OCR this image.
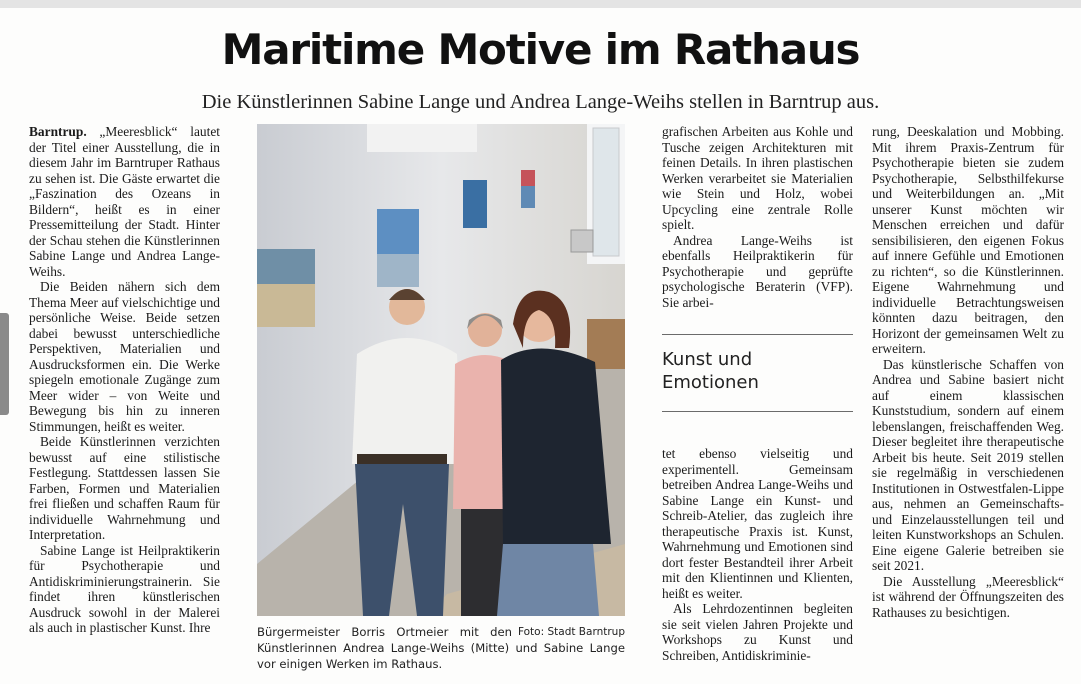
Maritime Motive im Rathaus
Die Künstlerinnen Sabine Lange und Andrea Lange-Weihs stellen in Barntrup aus.

Barntrup. „Meeresblick“ lautet der Titel einer Ausstellung, die in diesem Jahr im Barntruper Rathaus zu sehen ist. Die Gäste erwartet die „Faszination des Ozeans in Bildern“, heißt es in einer Pressemitteilung der Stadt. Hinter der Schau stehen die Künstlerinnen Sabine Lange und Andrea Lange-Weihs.

Die Beiden nähern sich dem Thema Meer auf vielschichtige und persönliche Weise. Beide setzen dabei bewusst unterschiedliche Perspektiven, Materialien und Ausdrucksformen ein. Die Werke spiegeln emotionale Zugänge zum Meer wider – von Weite und Bewegung bis hin zu inneren Stimmungen, heißt es weiter.

Beide Künstlerinnen verzichten bewusst auf eine stilistische Festlegung. Stattdessen lassen Sie Farben, Formen und Materialien frei fließen und schaffen Raum für individuelle Wahrnehmung und Interpretation.

Sabine Lange ist Heilpraktikerin für Psychotherapie und Antidiskriminierungstrainerin. Sie findet ihren künstlerischen Ausdruck sowohl in der Malerei als auch in plastischer Kunst. Ihre	Foto: Stadt Barntrup
Bürgermeister Borris Ortmeier mit den Künstlerinnen Andrea Lange-Weihs (Mitte) und Sabine Lange vor einigen Werken im Rathaus.

grafischen Arbeiten aus Kohle und Tusche zeigen Architekturen mit feinen Details. In ihren plastischen Werken verarbeitet sie Materialien wie Stein und Holz, wobei Upcycling eine zentrale Rolle spielt.

Andrea Lange-Weihs ist ebenfalls Heilpraktikerin für Psychotherapie und geprüfte psychologische Beraterin (VFP). Sie arbei-

Kunst und
Emotionen

tet ebenso vielseitig und experimentell. Gemeinsam betreiben Andrea Lange-Weihs und Sabine Lange ein Kunst- und Schreib-Atelier, das zugleich ihre therapeutische Praxis ist. Kunst, Wahrnehmung und Emotionen sind dort fester Bestandteil ihrer Arbeit mit den Klientinnen und Klienten, heißt es weiter.

Als Lehrdozentinnen begleiten sie seit vielen Jahren Projekte und Workshops zu Kunst und Schreiben, Antidiskriminie-

rung, Deeskalation und Mobbing. Mit ihrem Praxis-Zentrum für Psychotherapie bieten sie zudem Psychotherapie, Selbsthilfekurse und Weiterbildungen an. „Mit unserer Kunst möchten wir Menschen erreichen und dafür sensibilisieren, den eigenen Fokus auf innere Gefühle und Emotionen zu richten“, so die Künstlerinnen. Eigene Wahrnehmung und individuelle Betrachtungsweisen könnten dazu beitragen, den Horizont der gemeinsamen Welt zu erweitern.

Das künstlerische Schaffen von Andrea und Sabine basiert nicht auf einem klassischen Kunststudium, sondern auf einem lebenslangen, freischaffenden Weg. Dieser begleitet ihre therapeutische Arbeit bis heute. Seit 2019 stellen sie regelmäßig in verschiedenen Institutionen in Ostwestfalen-Lippe aus, nehmen an Gemeinschafts- und Einzelausstellungen teil und leiten Kunstworkshops an Schulen. Eine eigene Galerie betreiben sie seit 2021.

Die Ausstellung „Meeresblick“ ist während der Öffnungszeiten des Rathauses zu besichtigen.
